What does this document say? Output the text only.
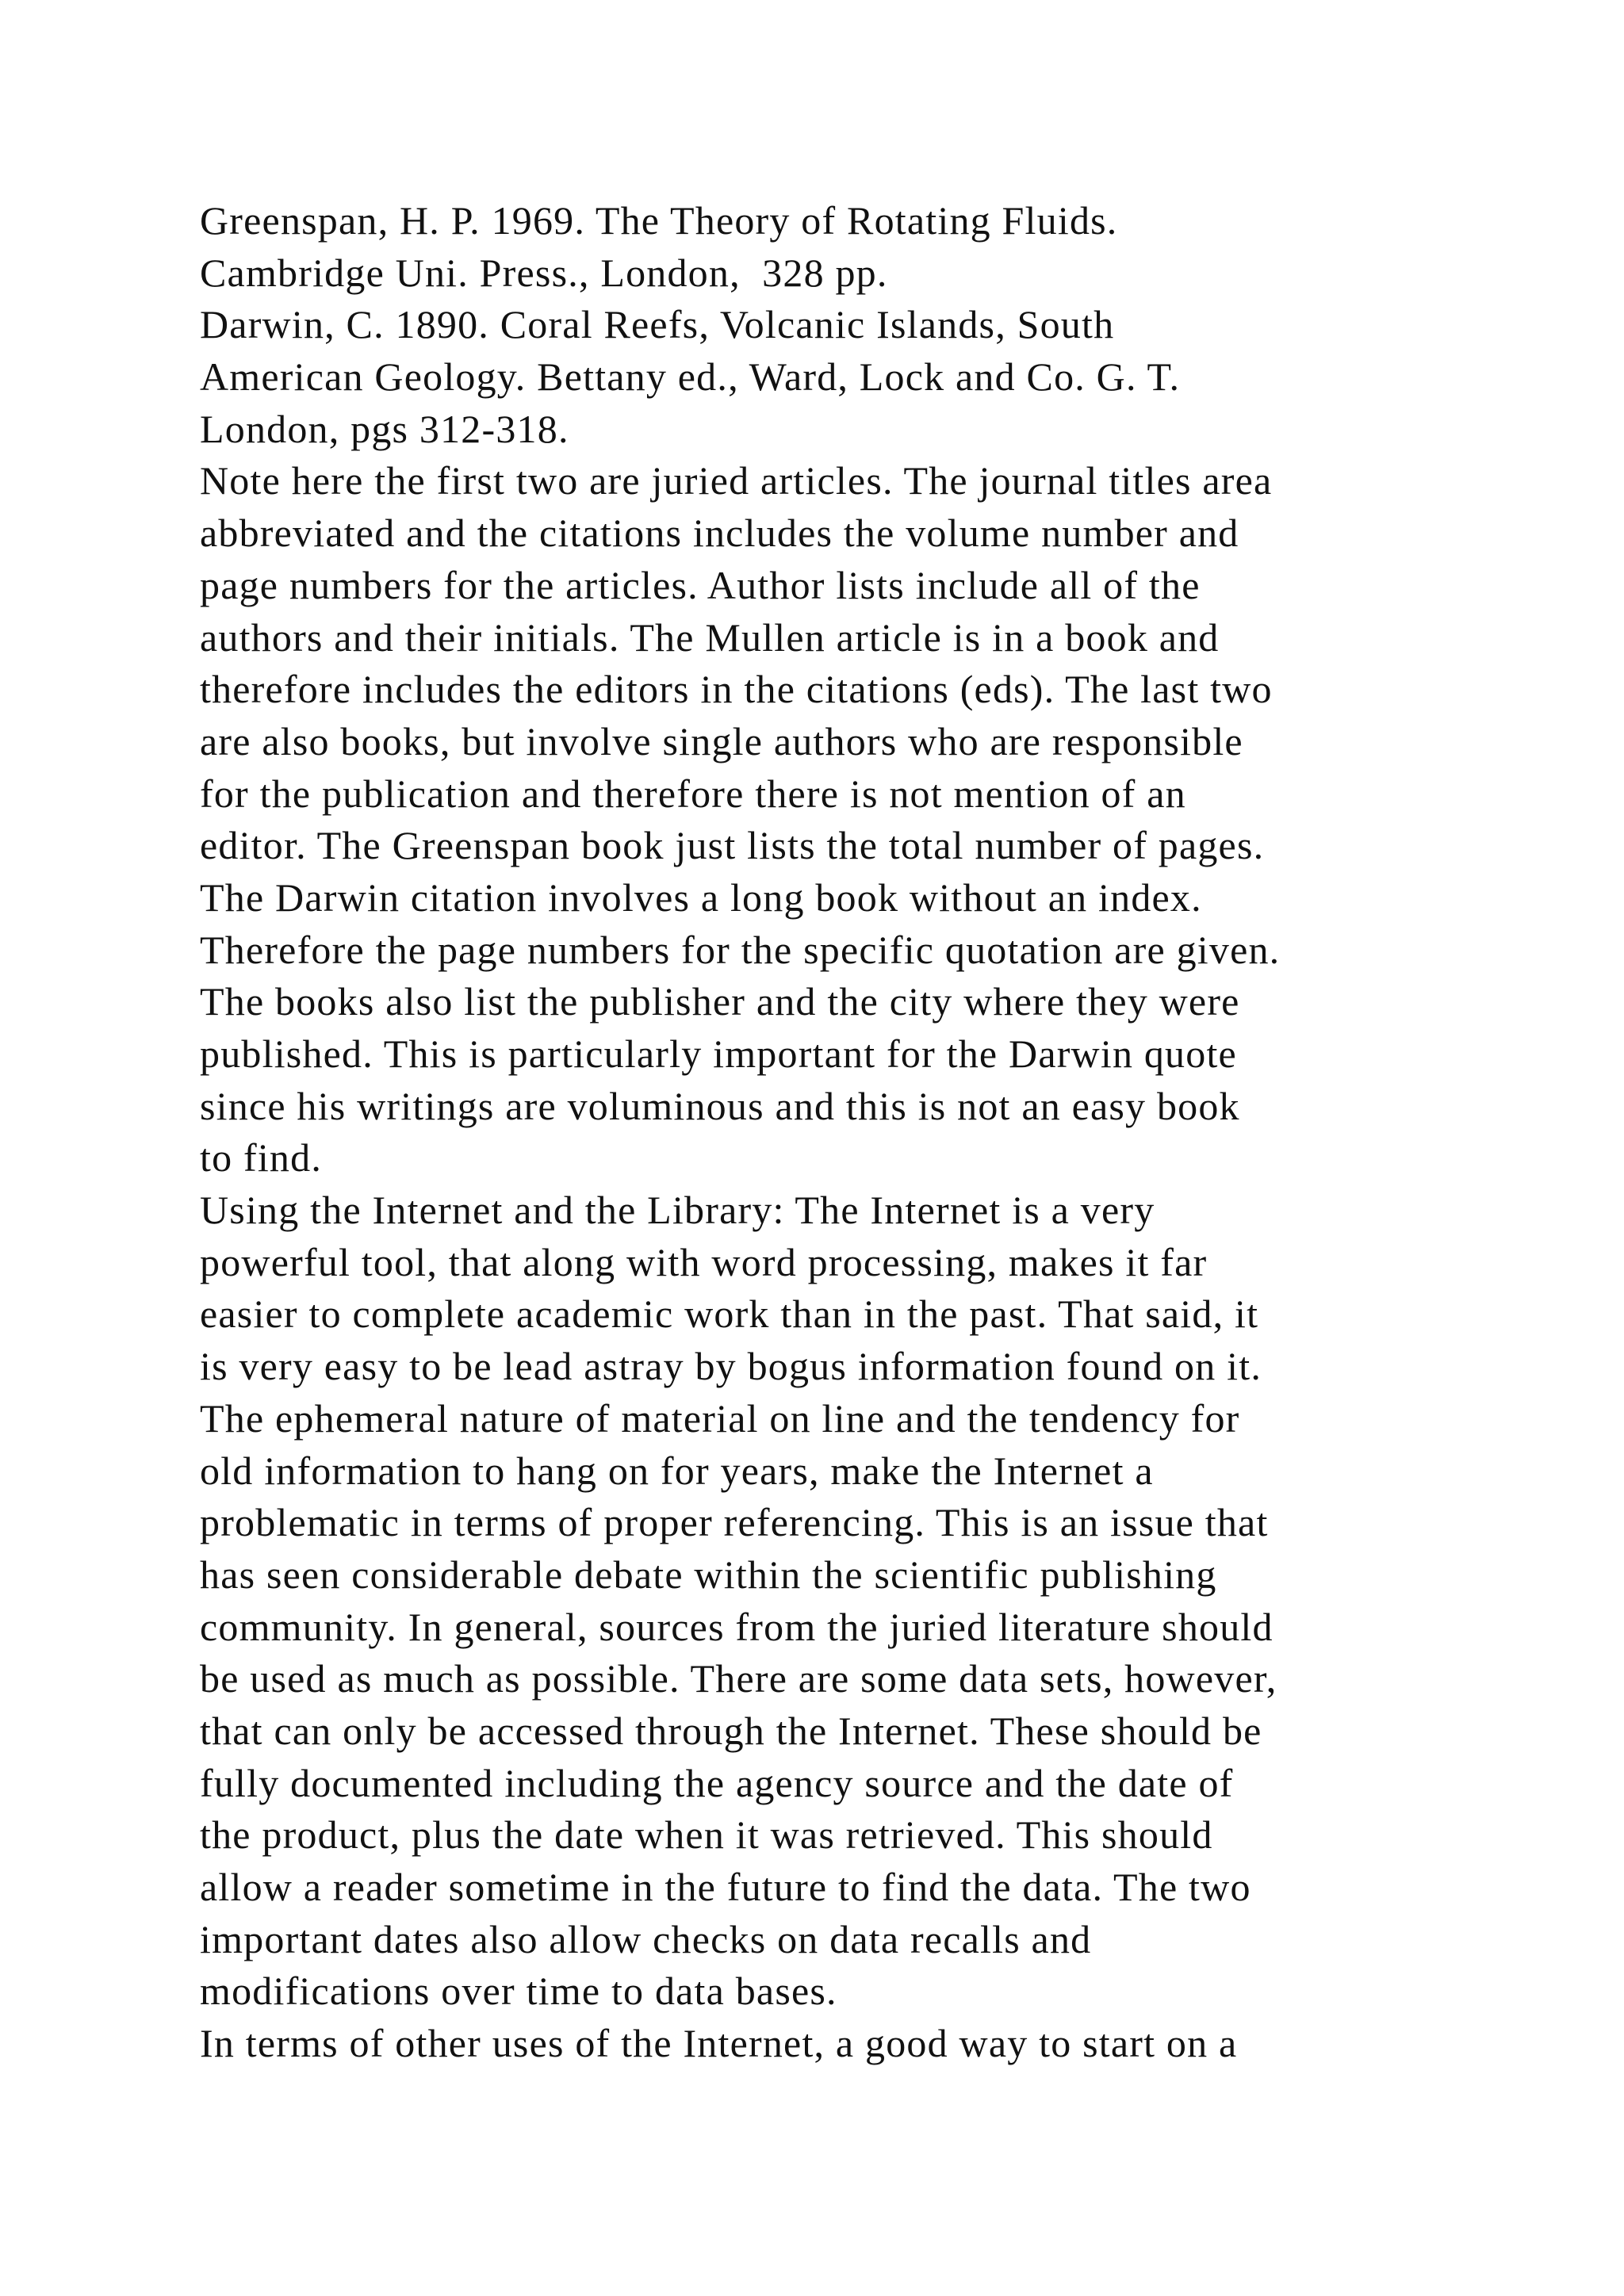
Greenspan, H. P. 1969. The Theory of Rotating Fluids.
Cambridge Uni. Press., London,  328 pp.
Darwin, C. 1890. Coral Reefs, Volcanic Islands, South
American Geology. Bettany ed., Ward, Lock and Co. G. T.
London, pgs 312-318.
Note here the first two are juried articles. The journal titles area
abbreviated and the citations includes the volume number and
page numbers for the articles. Author lists include all of the
authors and their initials. The Mullen article is in a book and
therefore includes the editors in the citations (eds). The last two
are also books, but involve single authors who are responsible
for the publication and therefore there is not mention of an
editor. The Greenspan book just lists the total number of pages.
The Darwin citation involves a long book without an index.
Therefore the page numbers for the specific quotation are given.
The books also list the publisher and the city where they were
published. This is particularly important for the Darwin quote
since his writings are voluminous and this is not an easy book
to find.
Using the Internet and the Library: The Internet is a very
powerful tool, that along with word processing, makes it far
easier to complete academic work than in the past. That said, it
is very easy to be lead astray by bogus information found on it.
The ephemeral nature of material on line and the tendency for
old information to hang on for years, make the Internet a
problematic in terms of proper referencing. This is an issue that
has seen considerable debate within the scientific publishing
community. In general, sources from the juried literature should
be used as much as possible. There are some data sets, however,
that can only be accessed through the Internet. These should be
fully documented including the agency source and the date of
the product, plus the date when it was retrieved. This should
allow a reader sometime in the future to find the data. The two
important dates also allow checks on data recalls and
modifications over time to data bases.
In terms of other uses of the Internet, a good way to start on a
